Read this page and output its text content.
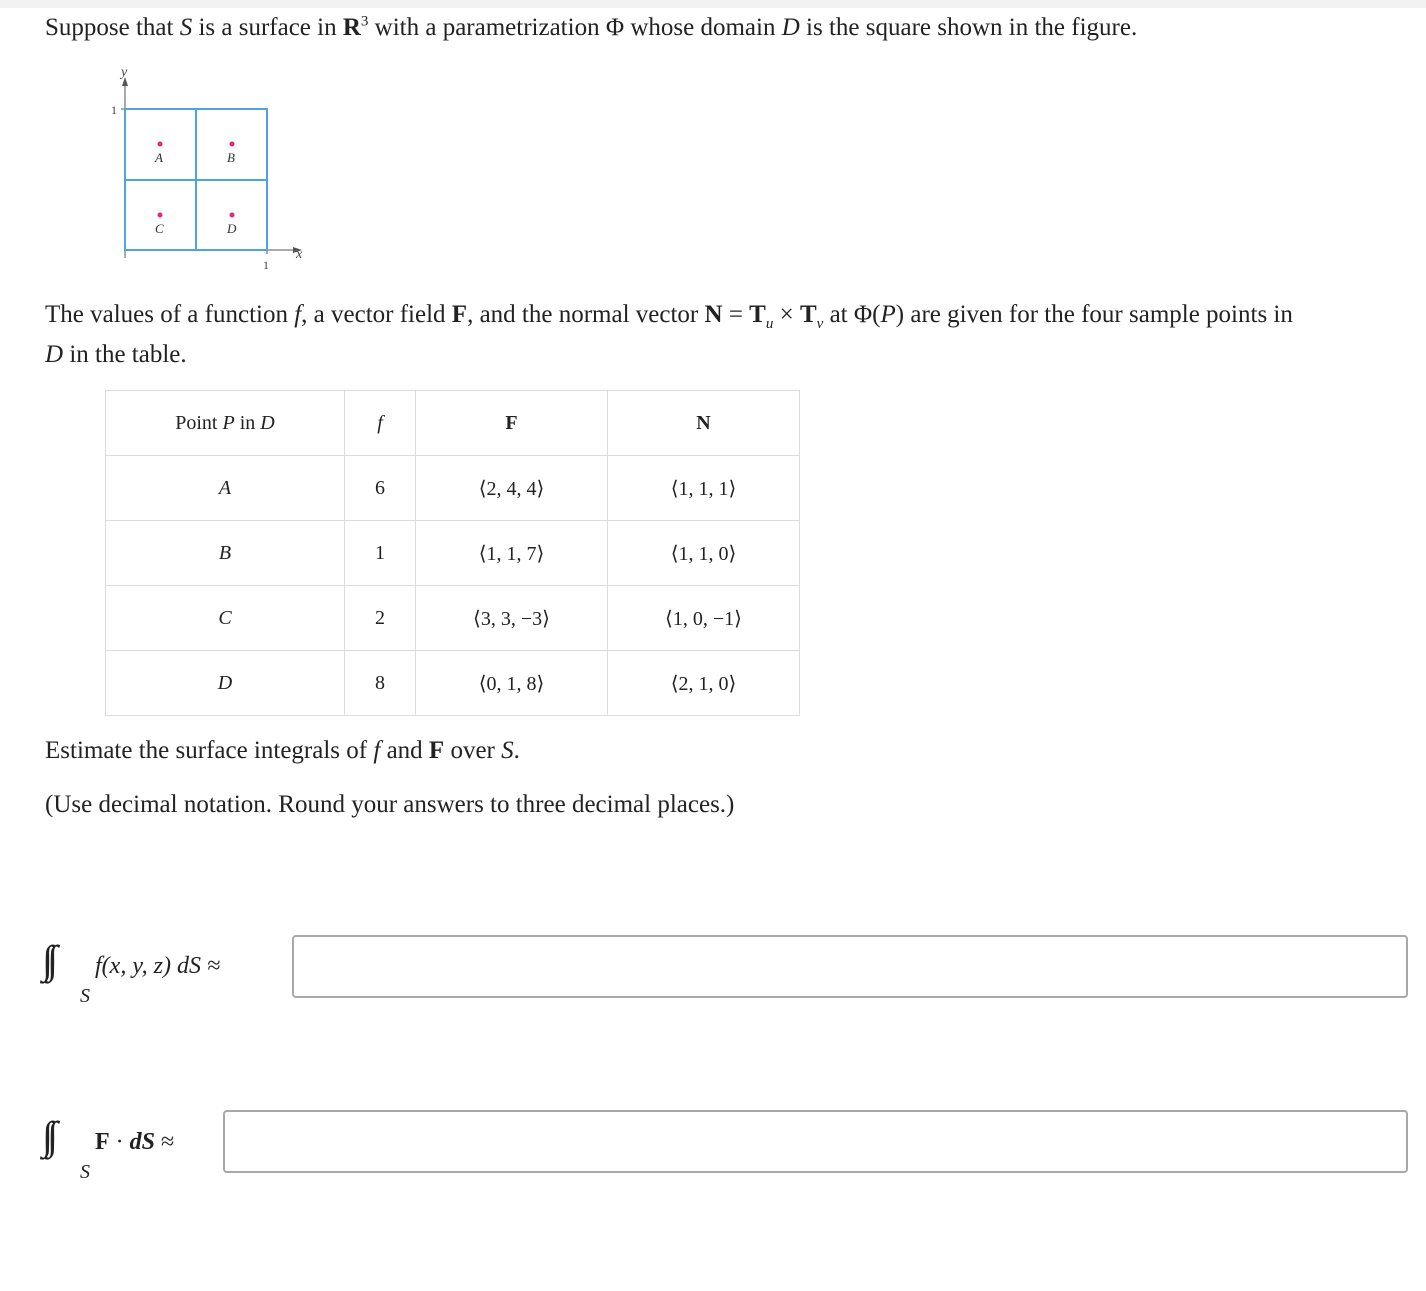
Suppose that S is a surface in $R^3$ with a parametrization Φ whose domain D is the square shown in the figure.

y
x
1
1
A	B
C	D

The values of a function f, a vector field F, and the normal vector $N = T_u \times T_v$ at Φ(P) are given for the four sample points in

D in the table.

Point P in D	f	F	N
A	6	⟨2, 4, 4⟩	⟨1, 1, 1⟩
B	1	⟨1, 1, 7⟩	⟨1, 1, 0⟩
C	2	⟨3, 3, −3⟩	⟨1, 0, −1⟩
D	8	⟨0, 1, 8⟩	⟨2, 1, 0⟩

Estimate the surface integrals of f and F over S.

(Use decimal notation. Round your answers to three decimal places.)

S
f(x, y, z) dS ≈
S
F · dS ≈
